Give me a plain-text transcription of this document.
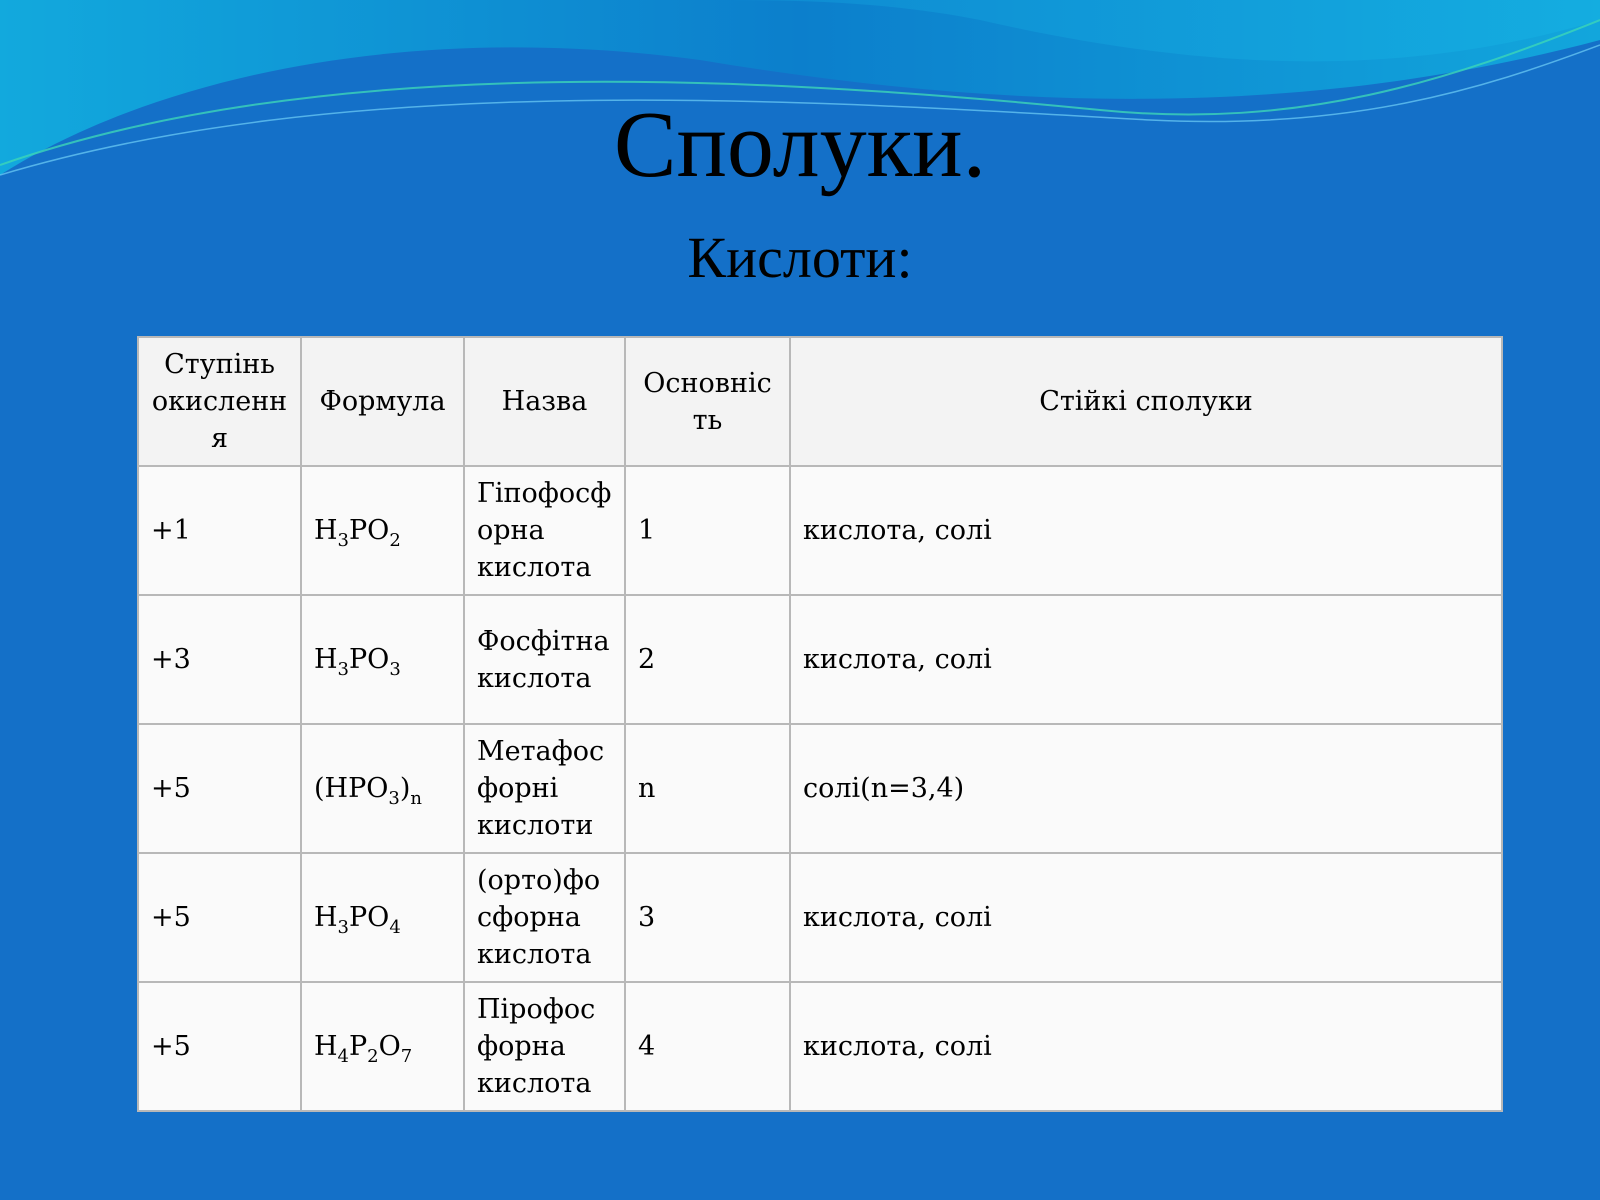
Сполуки.
Кислоти:
Ступінь окисленн я	Формула	Назва	Основніс ть	Стійкі сполуки
+1	$H_3PO_2$	Гіпофосф орна кислота	1	кислота, солі
+3	$H_3PO_3$	Фосфітна кислота	2	кислота, солі
+5	$(HPO_3)_n$	Метафос форні кислоти	n	солі(n=3,4)
+5	$H_3PO_4$	(орто)фо сфорна кислота	3	кислота, солі
+5	$H_4P_2O_7$	Пірофос форна кислота	4	кислота, солі
